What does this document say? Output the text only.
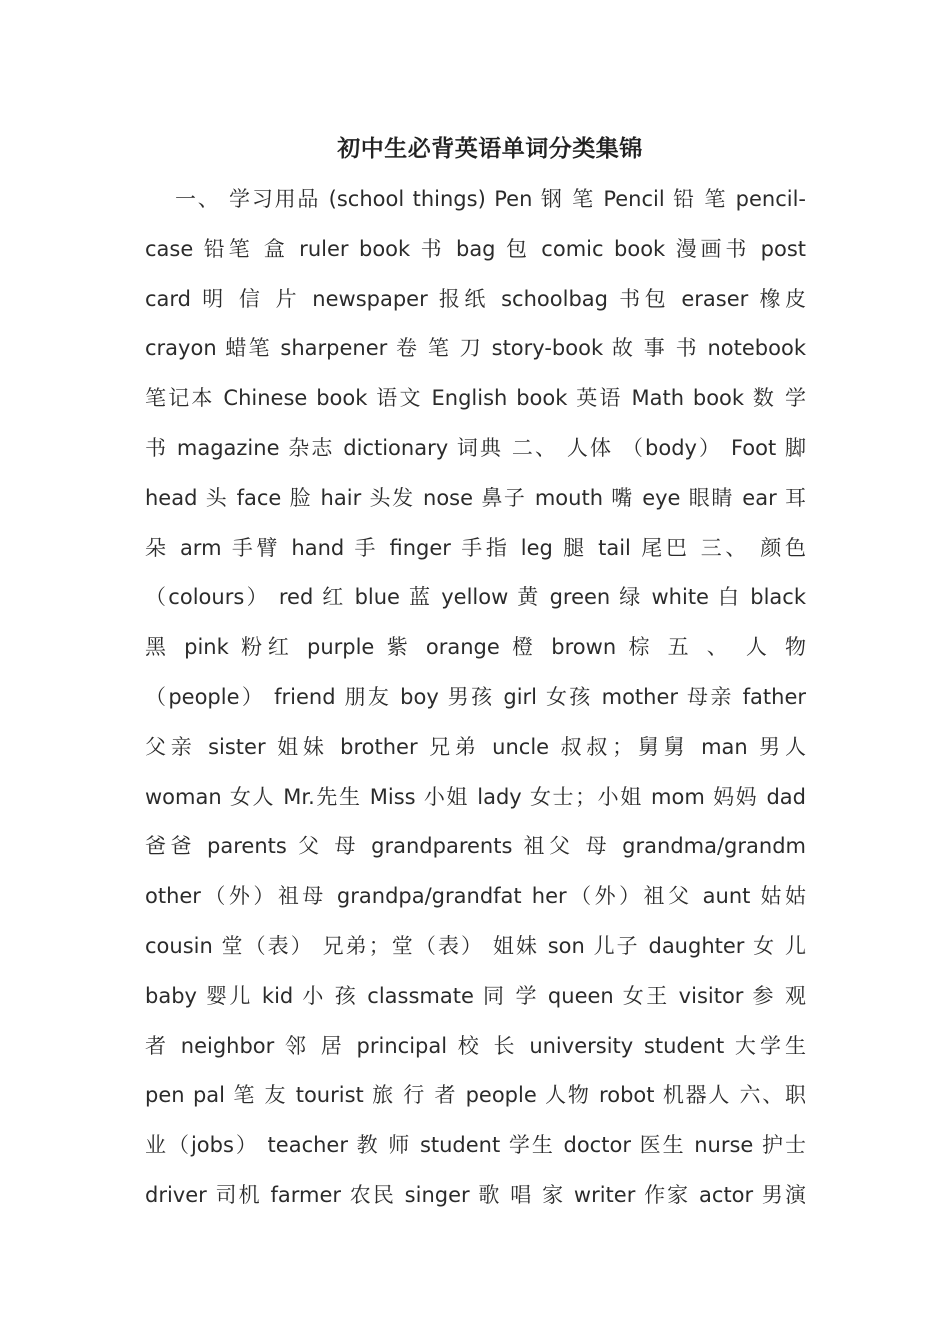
初中生必背英语单词分类集锦
一、 学习用品 (school things) Pen 钢 笔 Pencil 铅 笔 pencil-
case 铅笔 盒 ruler book 书 bag 包 comic book 漫画书 post
card 明 信 片 newspaper 报纸 schoolbag 书包 eraser 橡皮
crayon 蜡笔 sharpener 卷 笔 刀 story-book 故 事 书 notebook
笔记本 Chinese book 语文 English book 英语 Math book 数 学
书 magazine 杂志 dictionary 词典 二、 人体 （body） Foot 脚
head 头 face 脸 hair 头发 nose 鼻子 mouth 嘴 eye 眼睛 ear 耳
朵 arm 手臂 hand 手 finger 手指 leg 腿 tail 尾巴 三、 颜色
（colours） red 红 blue 蓝 yellow 黄 green 绿 white 白 black
黑 pink 粉红 purple 紫 orange 橙 brown 棕 五 、 人 物
（people） friend 朋友 boy 男孩 girl 女孩 mother 母亲 father
父亲 sister 姐妹 brother 兄弟 uncle 叔叔；舅舅 man 男人
woman 女人 Mr.先生 Miss 小姐 lady 女士；小姐 mom 妈妈 dad
爸爸 parents 父 母 grandparents 祖父 母 grandma/grandm
other（外）祖母 grandpa/grandfat her（外）祖父 aunt 姑姑
cousin 堂（表） 兄弟；堂（表） 姐妹 son 儿子 daughter 女 儿
baby 婴儿 kid 小 孩 classmate 同 学 queen 女王 visitor 参 观
者 neighbor 邻 居 principal 校 长 university student 大学生
pen pal 笔 友 tourist 旅 行 者 people 人物 robot 机器人 六、职
业（jobs） teacher 教 师 student 学生 doctor 医生 nurse 护士
driver 司机 farmer 农民 singer 歌 唱 家 writer 作家 actor 男演
